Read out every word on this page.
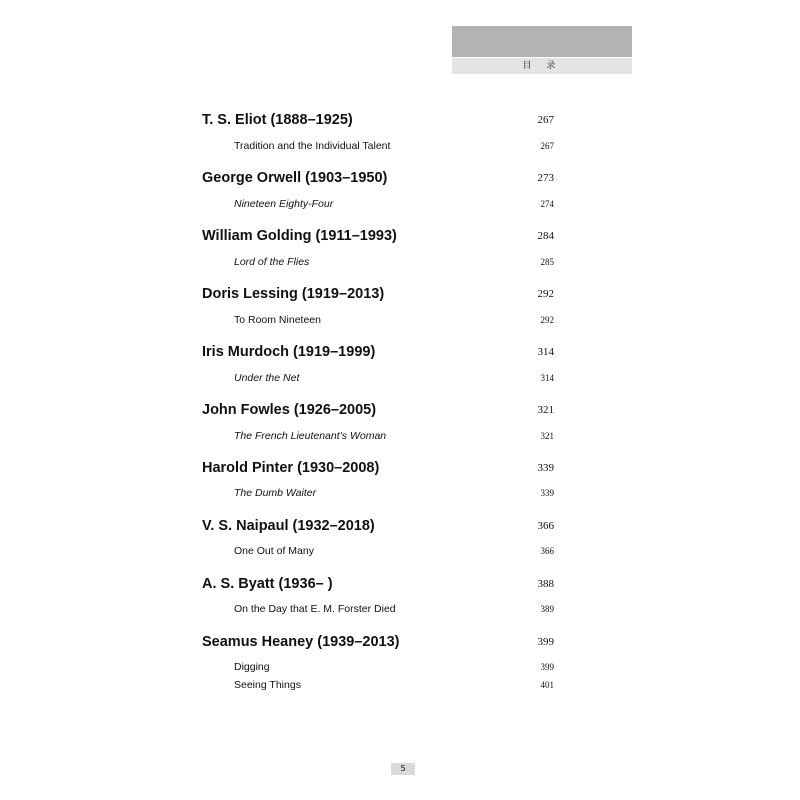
目 录
T. S. Eliot (1888–1925)	267
Tradition and the Individual Talent	267
George Orwell (1903–1950)	273
Nineteen Eighty-Four	274
William Golding (1911–1993)	284
Lord of the Flies	285
Doris Lessing (1919–2013)	292
To Room Nineteen	292
Iris Murdoch (1919–1999)	314
Under the Net	314
John Fowles (1926–2005)	321
The French Lieutenant’s Woman	321
Harold Pinter (1930–2008)	339
The Dumb Waiter	339
V. S. Naipaul (1932–2018)	366
One Out of Many	366
A. S. Byatt (1936– )	388
On the Day that E. M. Forster Died	389
Seamus Heaney (1939–2013)	399
Digging	399
Seeing Things	401
5
